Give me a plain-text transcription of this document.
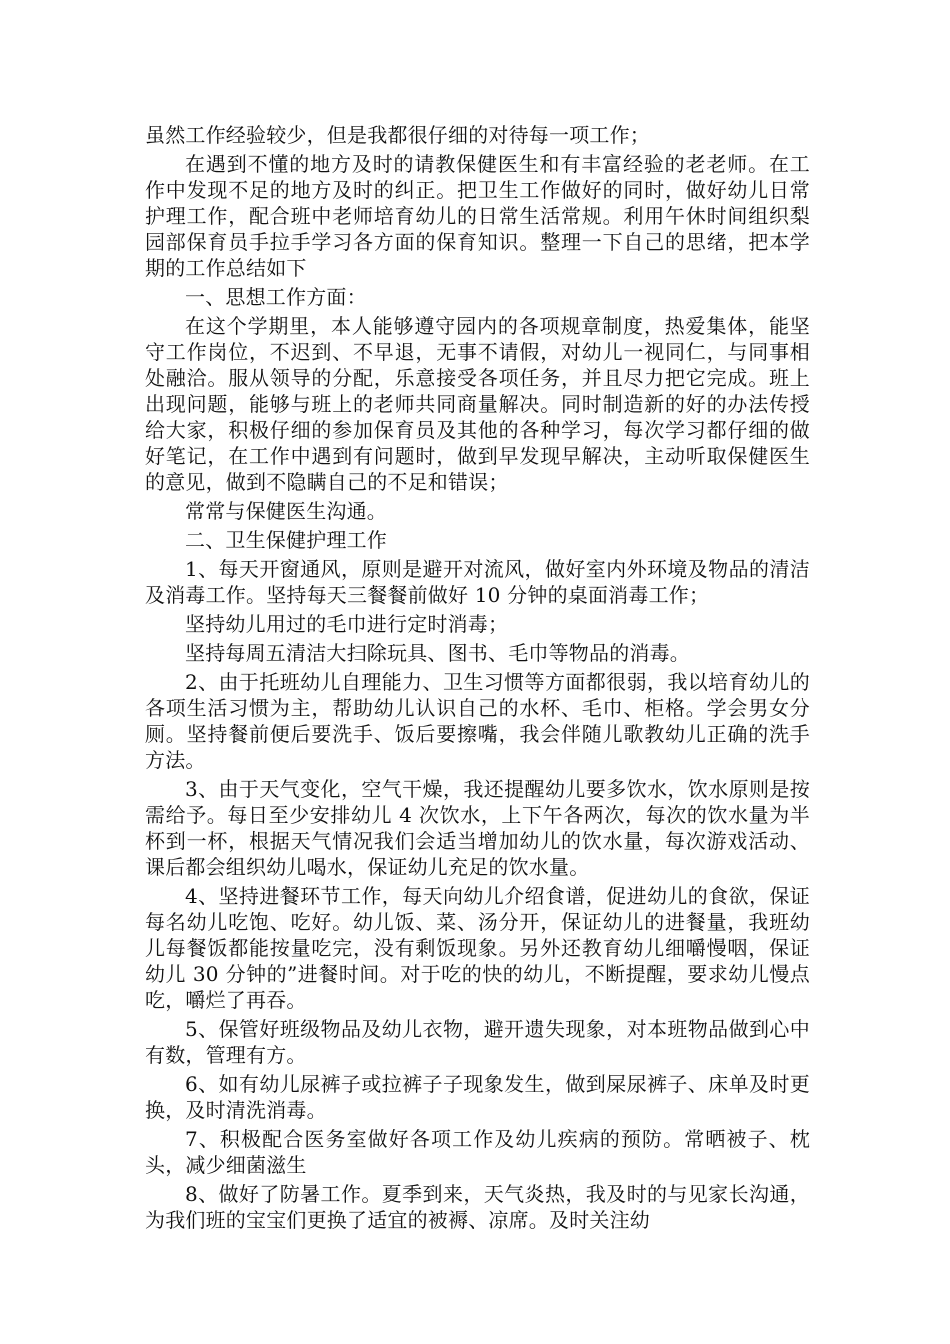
虽然工作经验较少，但是我都很仔细的对待每一项工作；

在遇到不懂的地方及时的请教保健医生和有丰富经验的老老师。在工作中发现不足的地方及时的纠正。把卫生工作做好的同时，做好幼儿日常护理工作，配合班中老师培育幼儿的日常生活常规。利用午休时间组织梨园部保育员手拉手学习各方面的保育知识。整理一下自己的思绪，把本学期的工作总结如下

一、思想工作方面：

在这个学期里，本人能够遵守园内的各项规章制度，热爱集体，能坚守工作岗位，不迟到、不早退，无事不请假，对幼儿一视同仁，与同事相处融洽。服从领导的分配，乐意接受各项任务，并且尽力把它完成。班上出现问题，能够与班上的老师共同商量解决。同时制造新的好的办法传授给大家，积极仔细的参加保育员及其他的各种学习，每次学习都仔细的做好笔记，在工作中遇到有问题时，做到早发现早解决，主动听取保健医生的意见，做到不隐瞒自己的不足和错误；

常常与保健医生沟通。

二、卫生保健护理工作

1、每天开窗通风，原则是避开对流风，做好室内外环境及物品的清洁及消毒工作。坚持每天三餐餐前做好 10 分钟的桌面消毒工作；

坚持幼儿用过的毛巾进行定时消毒；

坚持每周五清洁大扫除玩具、图书、毛巾等物品的消毒。

2、由于托班幼儿自理能力、卫生习惯等方面都很弱，我以培育幼儿的各项生活习惯为主，帮助幼儿认识自己的水杯、毛巾、柜格。学会男女分厕。坚持餐前便后要洗手、饭后要擦嘴，我会伴随儿歌教幼儿正确的洗手方法。

3、由于天气变化，空气干燥，我还提醒幼儿要多饮水，饮水原则是按需给予。每日至少安排幼儿 4 次饮水，上下午各两次，每次的饮水量为半杯到一杯，根据天气情况我们会适当增加幼儿的饮水量，每次游戏活动、课后都会组织幼儿喝水，保证幼儿充足的饮水量。

4、坚持进餐环节工作，每天向幼儿介绍食谱，促进幼儿的食欲，保证每名幼儿吃饱、吃好。幼儿饭、菜、汤分开，保证幼儿的进餐量，我班幼儿每餐饭都能按量吃完，没有剩饭现象。另外还教育幼儿细嚼慢咽，保证幼儿 30 分钟的”进餐时间。对于吃的快的幼儿，不断提醒，要求幼儿慢点吃，嚼烂了再吞。

5、保管好班级物品及幼儿衣物，避开遗失现象，对本班物品做到心中有数，管理有方。

6、如有幼儿尿裤子或拉裤子子现象发生，做到屎尿裤子、床单及时更换，及时清洗消毒。

7、积极配合医务室做好各项工作及幼儿疾病的预防。常晒被子、枕头，减少细菌滋生

8、做好了防暑工作。夏季到来，天气炎热，我及时的与见家长沟通，为我们班的宝宝们更换了适宜的被褥、凉席。及时关注幼
